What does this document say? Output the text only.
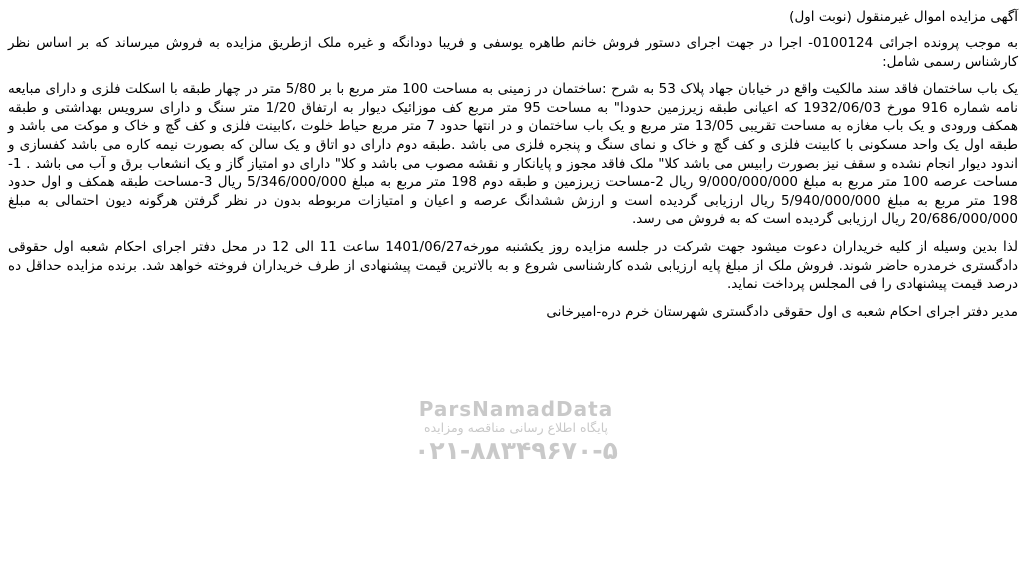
آگهی مزایده اموال غیرمنقول (نوبت اول)

به موجب پرونده اجرائی 0100124- اجرا در جهت اجرای دستور فروش خانم طاهره یوسفی و فریبا دودانگه و غیره ملک ازطریق مزایده به فروش میرساند که بر اساس نظر کارشناس رسمی شامل:

یک باب ساختمان فاقد سند مالکیت واقع در خیابان جهاد پلاک 53 به شرح :ساختمان در زمینی به مساحت 100 متر مربع با بر 5/80 متر در چهار طبقه با اسکلت فلزی و دارای مبایعه نامه شماره 916 مورخ 1932/06/03 که اعیانی طبقه زیرزمین حدودا" به مساحت 95 متر مربع کف موزائیک دیوار به ارتفاق 1/20 متر سنگ و دارای سرویس بهداشتی و طبقه همکف ورودی و یک باب مغازه به مساحت تقریبی 13/05 متر مربع و یک باب ساختمان و در انتها حدود 7 متر مربع حیاط خلوت ،کابینت فلزی و کف گچ و خاک و موکت می باشد و طبقه اول یک واحد مسکونی با کابینت فلزی و کف گچ و خاک و نمای سنگ و پنجره فلزی می باشد .طبقه دوم دارای دو اتاق و یک سالن که بصورت نیمه کاره می باشد کفسازی و اندود دیوار انجام نشده و سقف نیز بصورت رابیس می باشد کلا" ملک فاقد مجوز و پایانکار و نقشه مصوب می باشد و کلا" دارای دو امتیاز گاز و یک انشعاب برق و آب می باشد . 1-مساحت عرصه 100 متر مربع به مبلغ 9/000/000/000 ریال 2-مساحت زیرزمین و طبقه دوم 198 متر مربع به مبلغ 5/346/000/000 ریال 3-مساحت طبقه همکف و اول حدود 198 متر مربع به مبلغ 5/940/000/000 ریال ارزیابی گردیده است و ارزش ششدانگ عرصه و اعیان و امتیازات مربوطه بدون در نظر گرفتن هرگونه دیون احتمالی به مبلغ 20/686/000/000 ریال ارزیابی گردیده است که به فروش می رسد.

لذا بدین وسیله از کلیه خریداران دعوت میشود جهت شرکت در جلسه مزایده روز یکشنبه مورخه1401/06/27 ساعت 11 الی 12 در محل دفتر اجرای احکام شعبه اول حقوقی دادگستری خرمدره حاضر شوند. فروش ملک از مبلغ پایه ارزیابی شده کارشناسی شروع و به بالاترین قیمت پیشنهادی از طرف خریداران فروخته خواهد شد. برنده مزایده حداقل ده درصد قیمت پیشنهادی را فی المجلس پرداخت نماید.

مدیر دفتر اجرای احکام شعبه ی اول حقوقی دادگستری شهرستان خرم دره-امیرخانی

ParsNamadData
پایگاه اطلاع رسانی مناقصه ومزایده
۰۲۱-۸۸۳۴۹۶۷۰-۵
